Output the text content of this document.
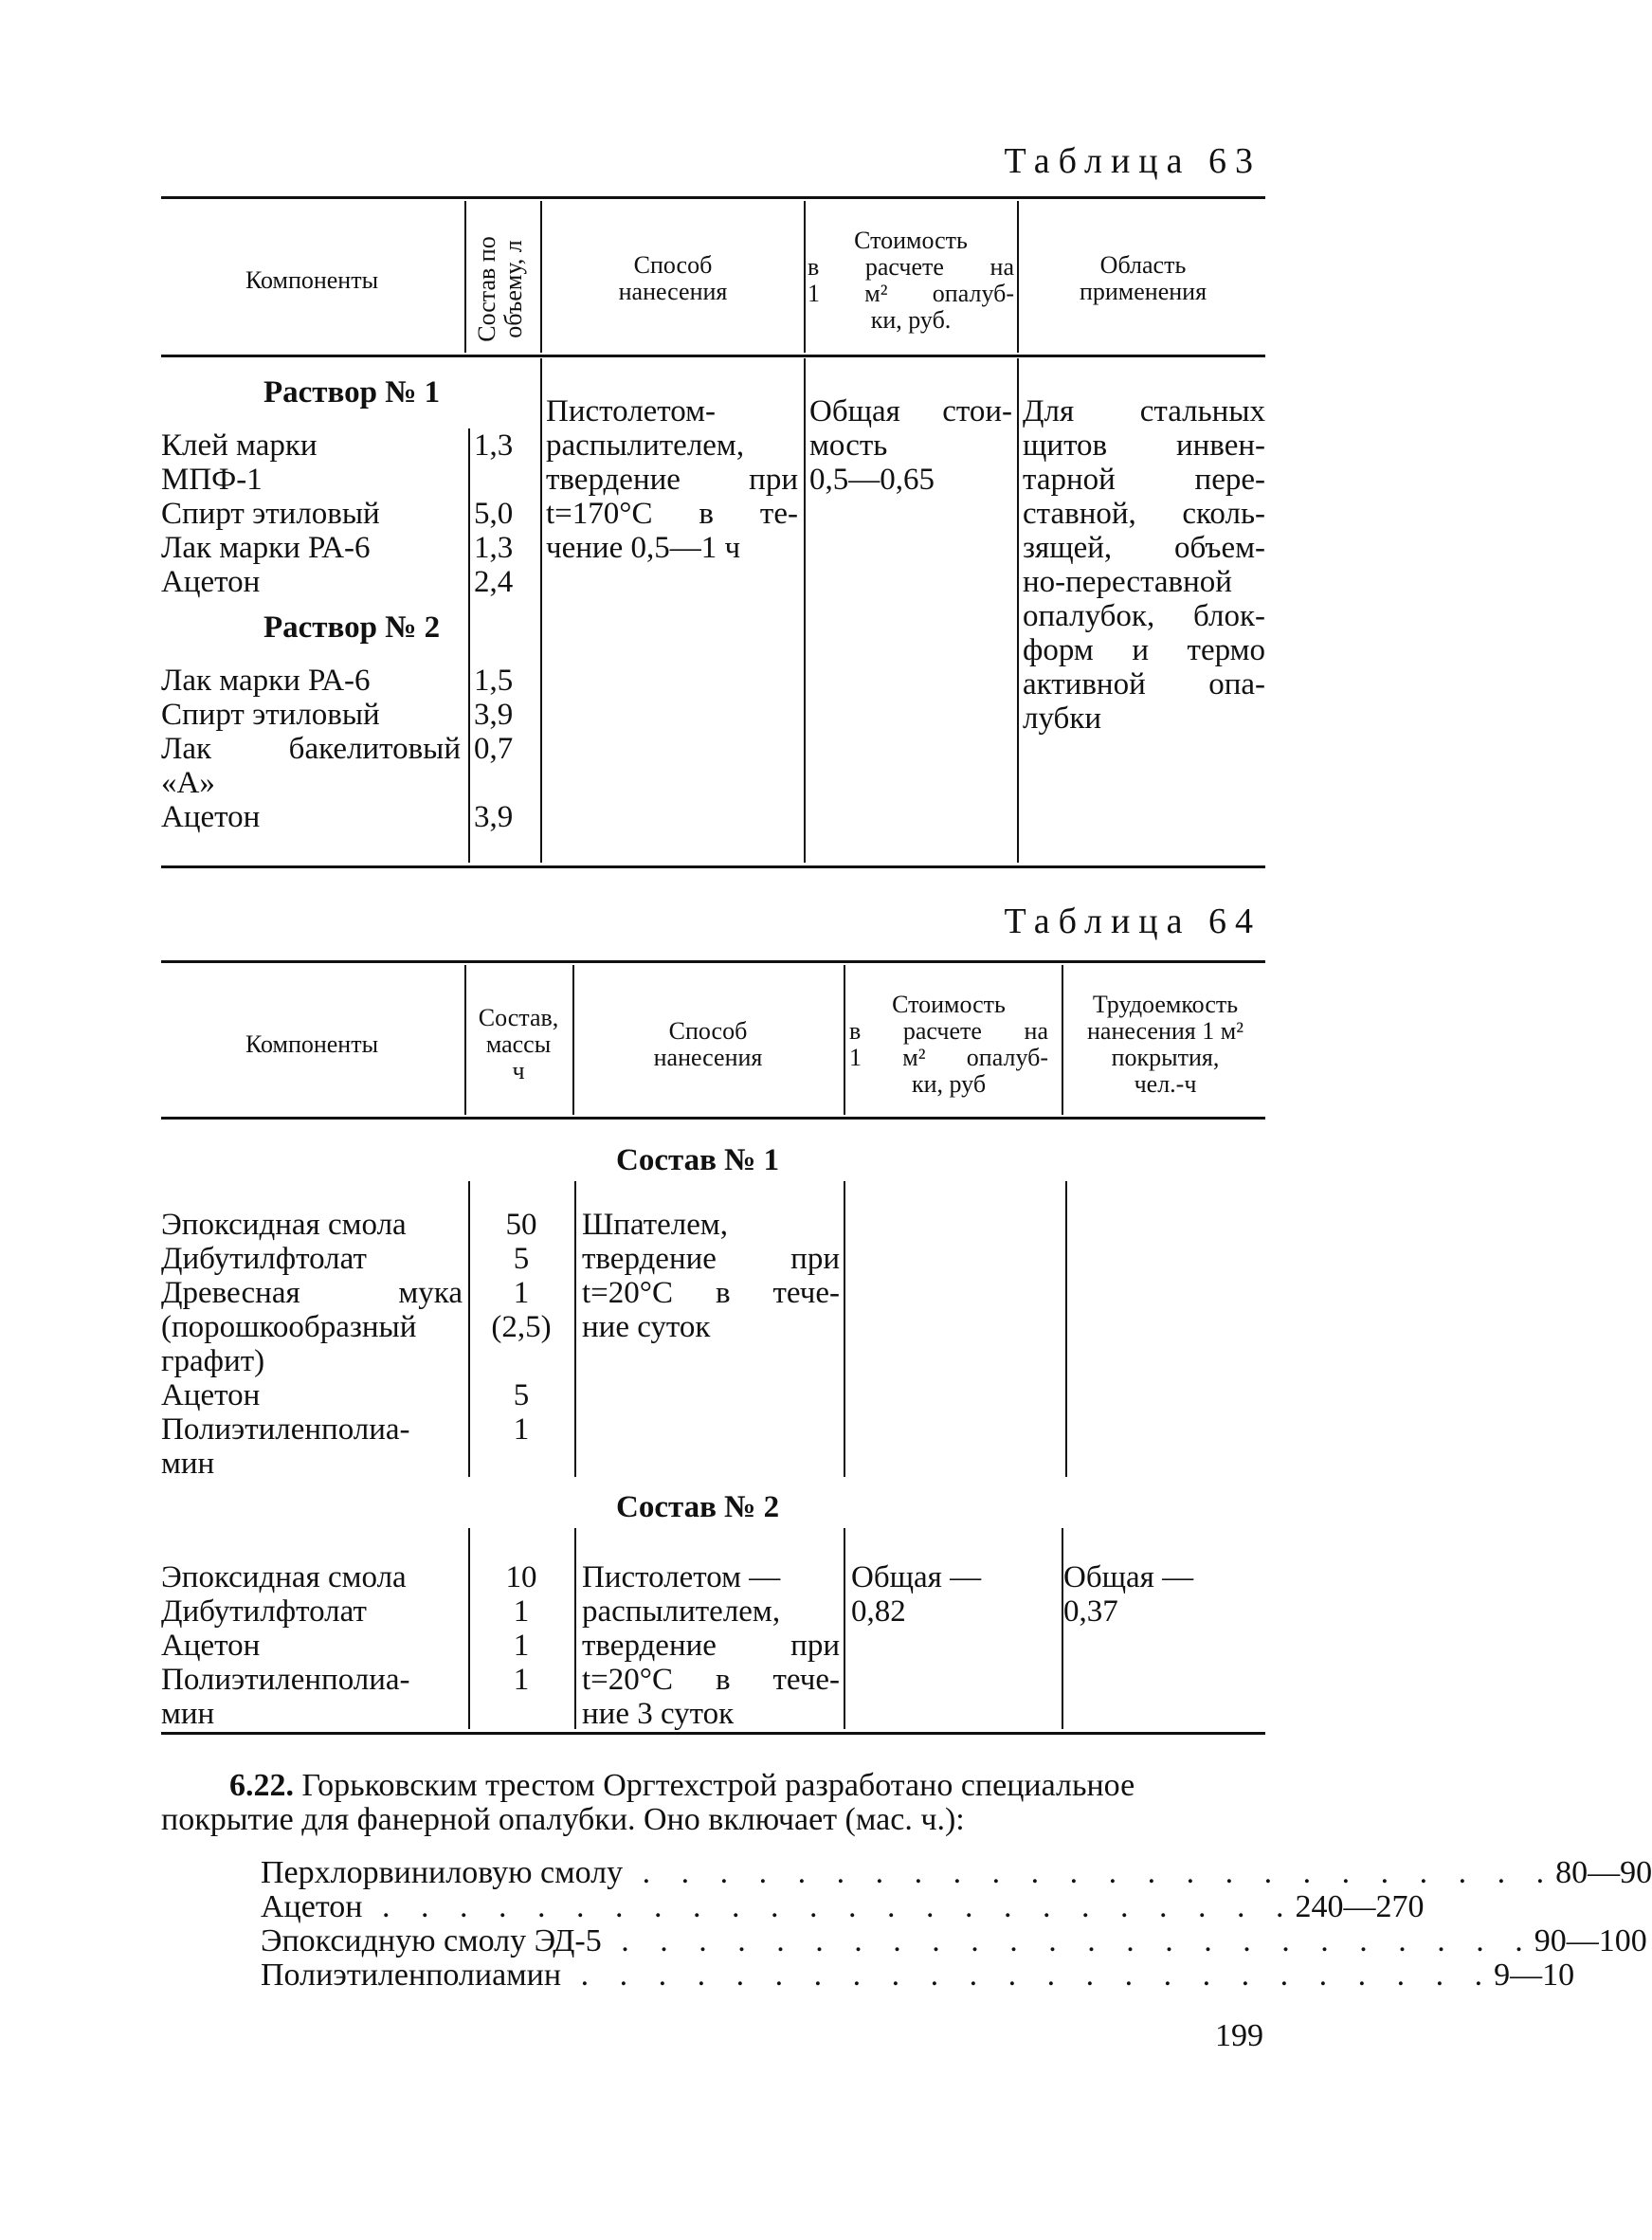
Таблица 63
Компоненты	Состав по объему, л	Способ нанесения
Стоимость
в расчете на
1 м² опалуб-
ки, руб.
Область
применения
Раствор № 1
Клей марки
МПФ-1
Спирт этиловый
Лак марки РА-6
Ацетон
1,3

5,0
1,3
2,4
Раствор № 2
Лак марки РА-6
Спирт этиловый
Лак бакелитовый
«А»
Ацетон
1,5
3,9
0,7

3,9
Пистолетом-
распылителем,
твердение при
t=170°С в те-
чение 0,5—1 ч
Общая стои-
мость
0,5—0,65
Для стальных
щитов инвен-
тарной пере-
ставной, сколь-
зящей, объем-
но-переставной
опалубок, блок-
форм и термо
активной опа-
лубки
Таблица 64
Компоненты
Состав,
массы
ч
Способ
нанесения
Стоимость
в расчете на
1 м² опалуб-
ки, руб
Трудоемкость
нанесения 1 м²
покрытия,
чел.-ч
Состав № 1
Эпоксидная смола
Дибутилфтолат
Древесная мука
(порошкообразный
графит)
Ацетон
Полиэтиленполиа-
мин
50
5
1
(2,5)

5
1
Шпателем,
твердение при
t=20°С в тече-
ние суток
Состав № 2
Эпоксидная смола
Дибутилфтолат
Ацетон
Полиэтиленполиа-
мин
10
1
1
1
Пистолетом —
распылителем,
твердение при
t=20°С в тече-
ние 3 суток
Общая —
0,82
Общая —
0,37
6.22. Горьковским трестом Оргтехстрой разработано специальное
покрытие для фанерной опалубки. Оно включает (мас. ч.):
Перхлорвиниловую смолу . . . . . . . . . . . . . . . . . . . . . . . . 80—90
Ацетон . . . . . . . . . . . . . . . . . . . . . . . . 240—270
Эпоксидную смолу ЭД-5 . . . . . . . . . . . . . . . . . . . . . . . . 90—100
Полиэтиленполиамин . . . . . . . . . . . . . . . . . . . . . . . . 9—10
199
